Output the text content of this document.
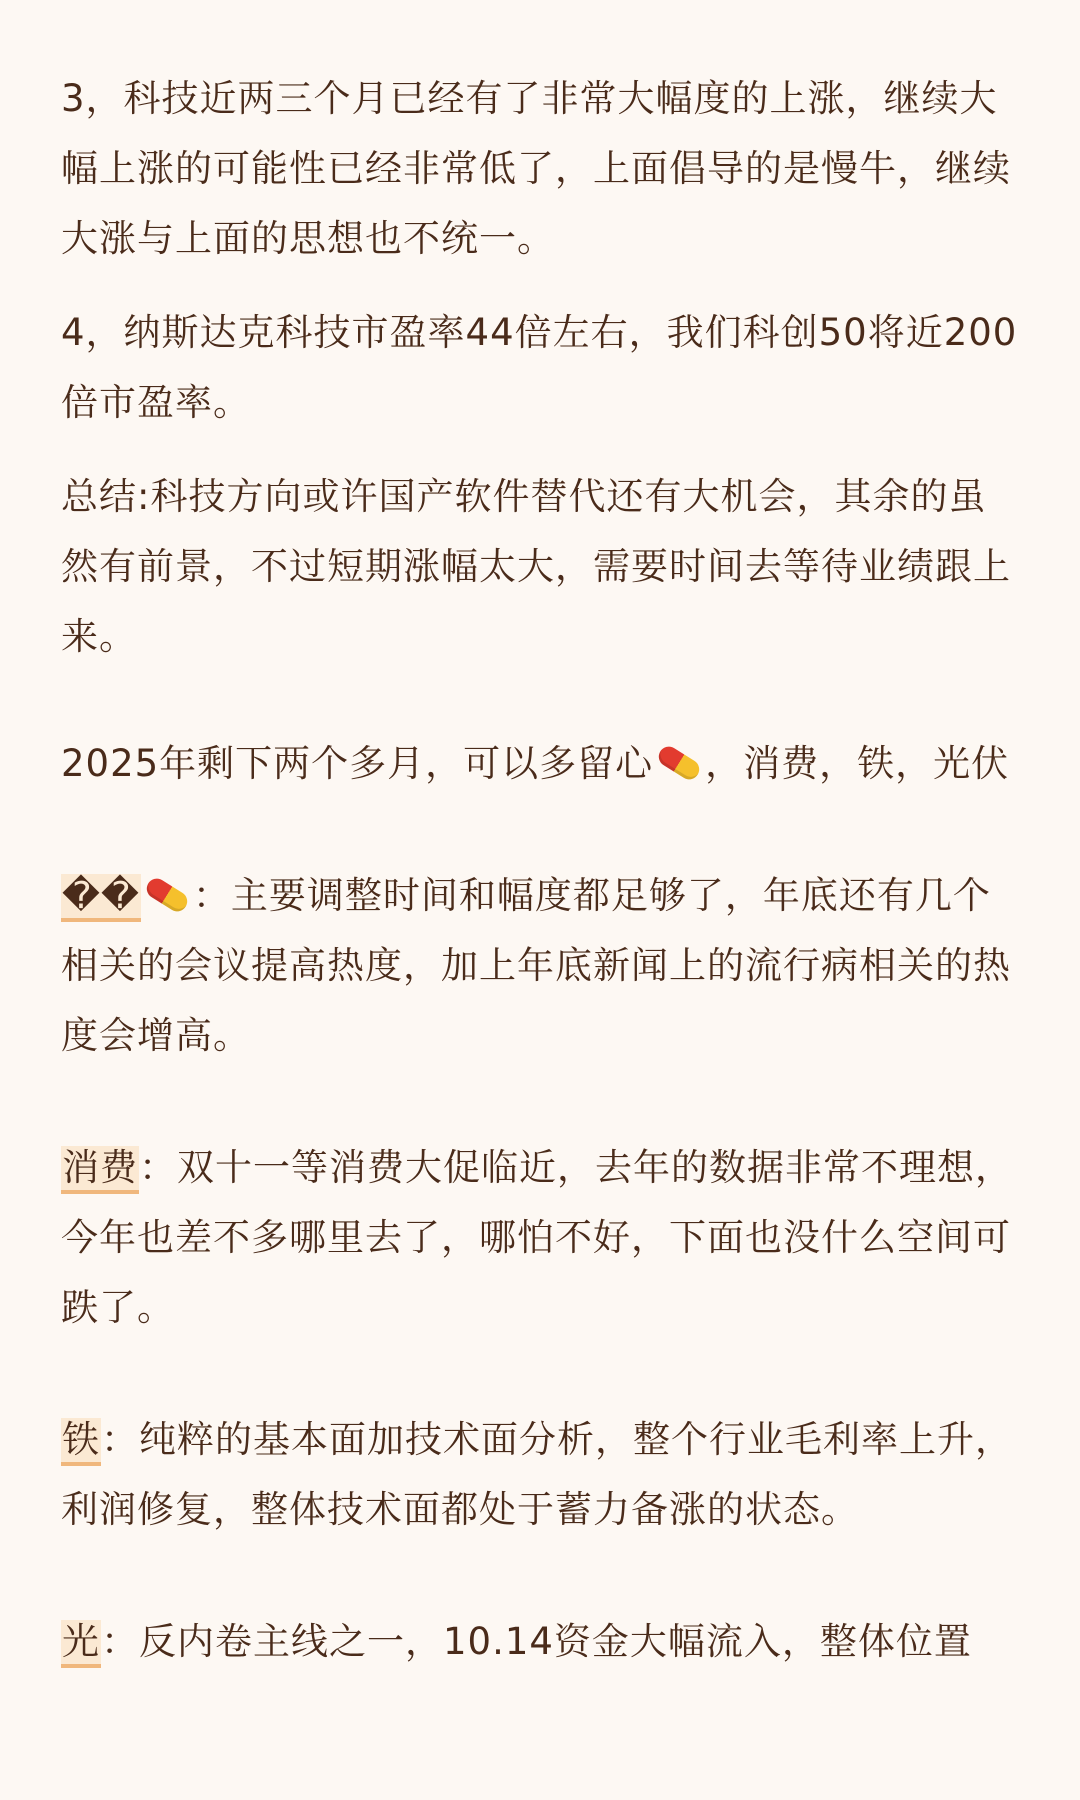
3，科技近两三个月已经有了非常大幅度的上涨，继续大幅上涨的可能性已经非常低了，上面倡导的是慢牛，继续大涨与上面的思想也不统一。

4，纳斯达克科技市盈率44倍左右，我们科创50将近200倍市盈率。

总结:科技方向或许国产软件替代还有大机会，其余的虽然有前景，不过短期涨幅太大，需要时间去等待业绩跟上来。

2025年剩下两个多月，可以多留心 ，消费，铁，光伏

�� ：主要调整时间和幅度都足够了，年底还有几个相关的会议提高热度，加上年底新闻上的流行病相关的热度会增高。

消费：双十一等消费大促临近，去年的数据非常不理想，今年也差不多哪里去了，哪怕不好，下面也没什么空间可跌了。

铁：纯粹的基本面加技术面分析，整个行业毛利率上升，利润修复，整体技术面都处于蓄力备涨的状态。

光：反内卷主线之一，10.14资金大幅流入，整体位置
